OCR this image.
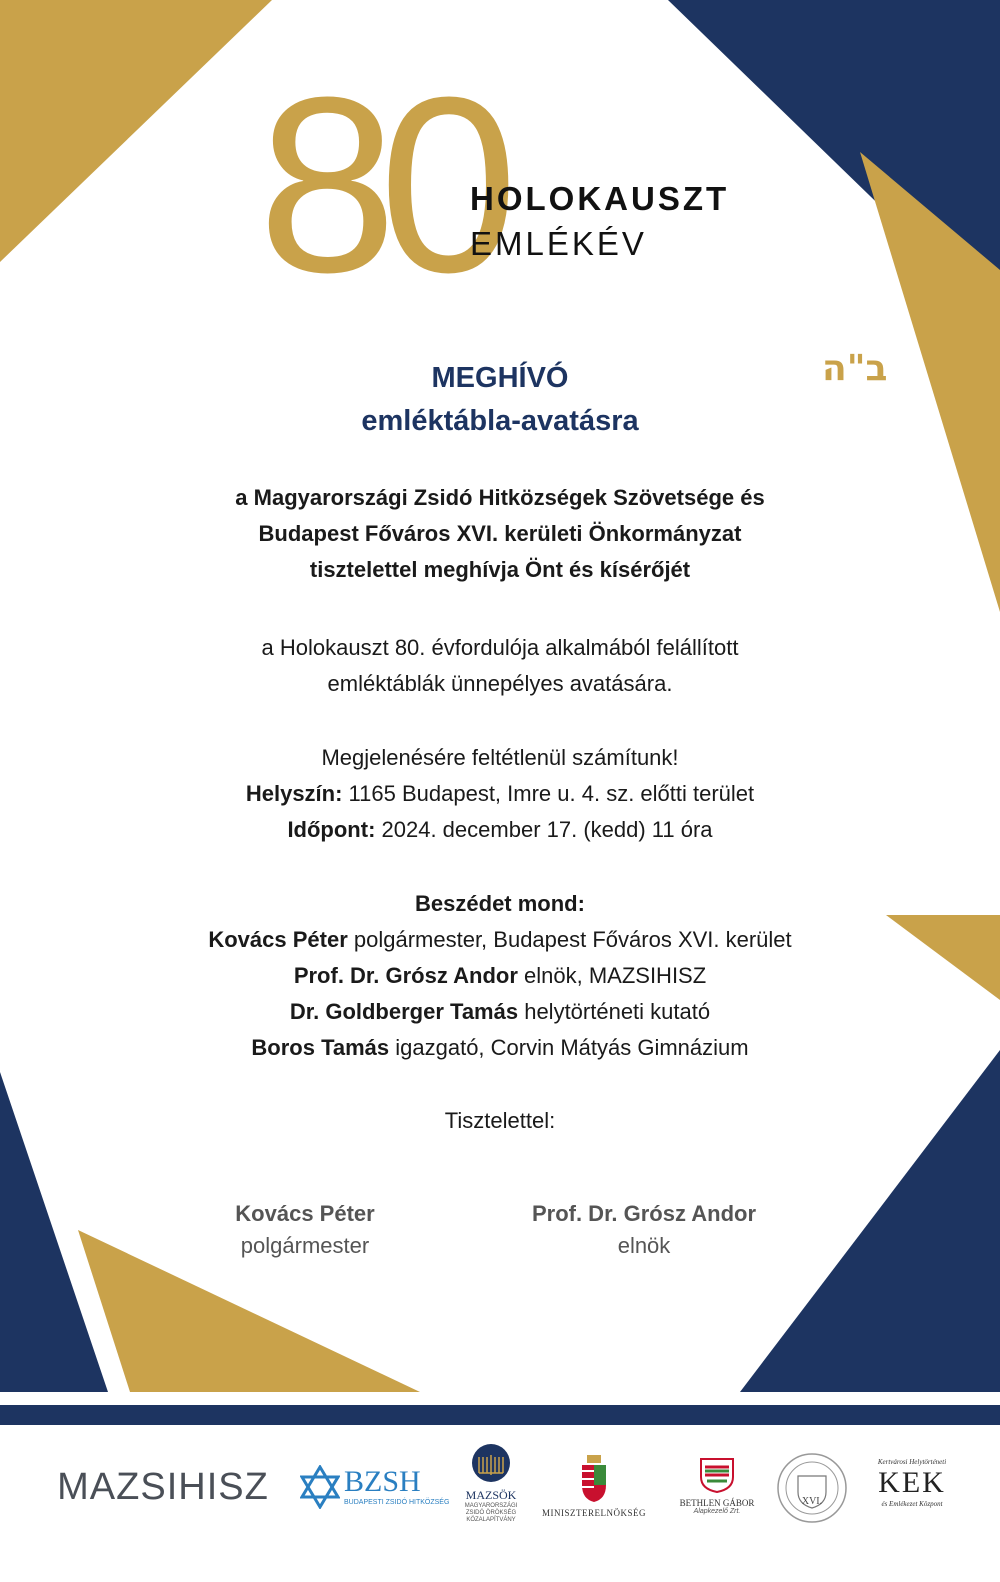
80
HOLOKAUSZT
EMLÉKÉV
ב"ה
MEGHÍVÓ
emléktábla-avatásra
a Magyarországi Zsidó Hitközségek Szövetsége és
Budapest Főváros XVI. kerületi Önkormányzat
tisztelettel meghívja Önt és kísérőjét
a Holokauszt 80. évfordulója alkalmából felállított
emléktáblák ünnepélyes avatására.
Megjelenésére feltétlenül számítunk!
Helyszín: 1165 Budapest, Imre u. 4. sz. előtti terület
Időpont: 2024. december 17. (kedd) 11 óra
Beszédet mond:
Kovács Péter polgármester, Budapest Főváros XVI. kerület
Prof. Dr. Grósz Andor elnök, MAZSIHISZ
Dr. Goldberger Tamás helytörténeti kutató
Boros Tamás igazgató, Corvin Mátyás Gimnázium
Tisztelettel:
Kovács Péter
polgármester
Prof. Dr. Grósz Andor
elnök
MAZSIHISZ	BZSH
BUDAPESTI ZSIDÓ HITKÖZSÉG
MAZSÖK
MAGYARORSZÁGI
ZSIDÓ ÖRÖKSÉG
KÖZALAPÍTVÁNY
MINISZTERELNÖKSÉG
BETHLEN GÁBOR
Alapkezelő Zrt.
XVI.
Kertvárosi Helytörténeti
KEK
és Emlékezet Központ
